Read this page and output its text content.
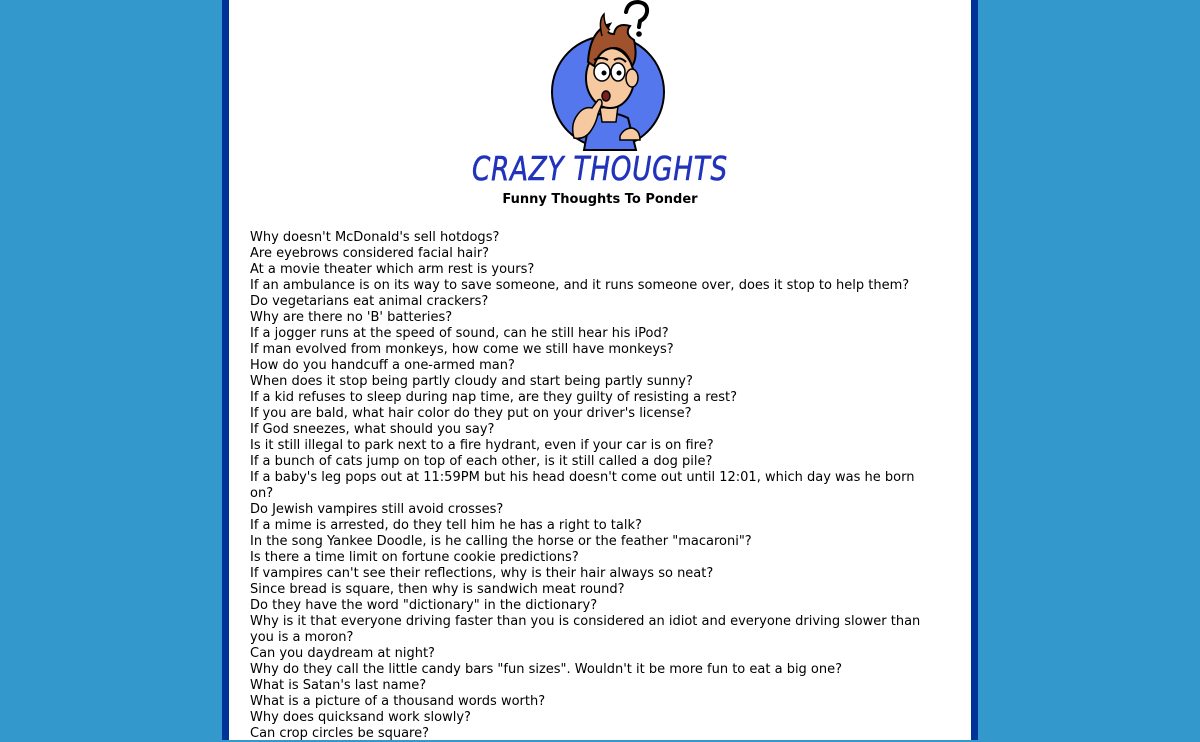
CRAZY THOUGHTS
Funny Thoughts To Ponder
Why doesn't McDonald's sell hotdogs?
Are eyebrows considered facial hair?
At a movie theater which arm rest is yours?
If an ambulance is on its way to save someone, and it runs someone over, does it stop to help them?
Do vegetarians eat animal crackers?
Why are there no 'B' batteries?
If a jogger runs at the speed of sound, can he still hear his iPod?
If man evolved from monkeys, how come we still have monkeys?
How do you handcuff a one-armed man?
When does it stop being partly cloudy and start being partly sunny?
If a kid refuses to sleep during nap time, are they guilty of resisting a rest?
If you are bald, what hair color do they put on your driver's license?
If God sneezes, what should you say?
Is it still illegal to park next to a fire hydrant, even if your car is on fire?
If a bunch of cats jump on top of each other, is it still called a dog pile?
If a baby's leg pops out at 11:59PM but his head doesn't come out until 12:01, which day was he born on?
Do Jewish vampires still avoid crosses?
If a mime is arrested, do they tell him he has a right to talk?
In the song Yankee Doodle, is he calling the horse or the feather "macaroni"?
Is there a time limit on fortune cookie predictions?
If vampires can't see their reflections, why is their hair always so neat?
Since bread is square, then why is sandwich meat round?
Do they have the word "dictionary" in the dictionary?
Why is it that everyone driving faster than you is considered an idiot and everyone driving slower than you is a moron?
Can you daydream at night?
Why do they call the little candy bars "fun sizes". Wouldn't it be more fun to eat a big one?
What is Satan's last name?
What is a picture of a thousand words worth?
Why does quicksand work slowly?
Can crop circles be square?
